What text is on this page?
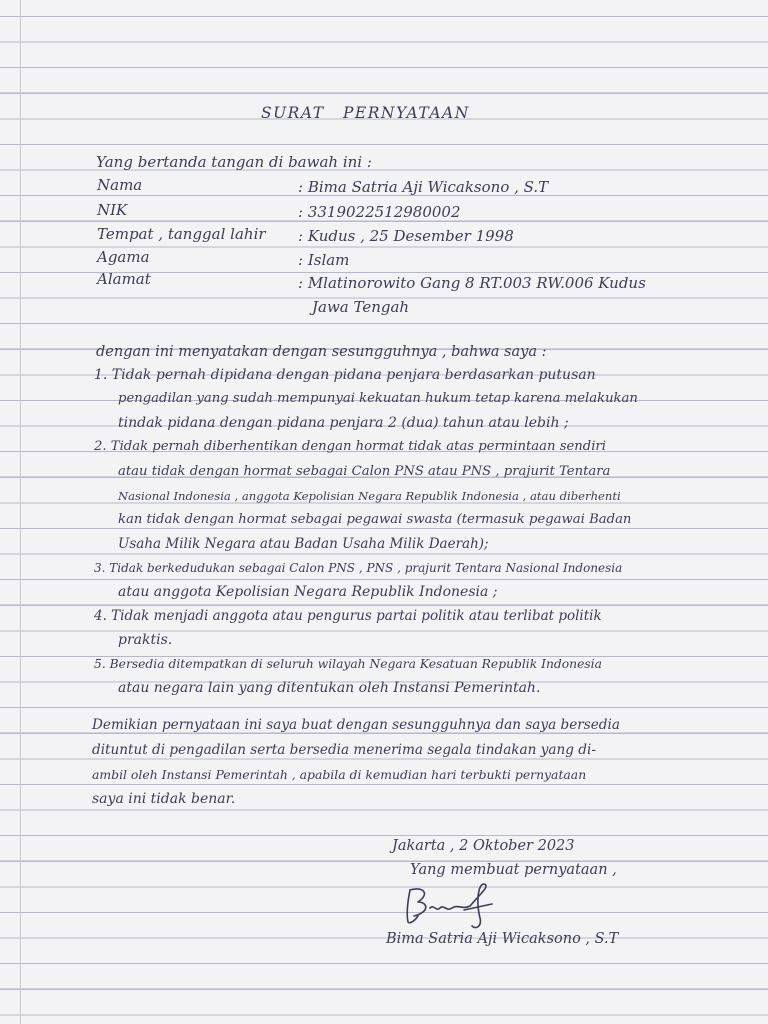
SURAT PERNYATAAN
Yang bertanda tangan di bawah ini :
Nama	: Bima Satria Aji Wicaksono , S.T
NIK	: 3319022512980002
Tempat , tanggal lahir : Kudus , 25 Desember 1998
Agama	: Islam
Alamat	: Mlatinorowito Gang 8 RT.003 RW.006 Kudus
Jawa Tengah
dengan ini menyatakan dengan sesungguhnya , bahwa saya :
1. Tidak pernah dipidana dengan pidana penjara berdasarkan putusan
pengadilan yang sudah mempunyai kekuatan hukum tetap karena melakukan
tindak pidana dengan pidana penjara 2 (dua) tahun atau lebih ;
2. Tidak pernah diberhentikan dengan hormat tidak atas permintaan sendiri
atau tidak dengan hormat sebagai Calon PNS atau PNS , prajurit Tentara
Nasional Indonesia , anggota Kepolisian Negara Republik Indonesia , atau diberhenti
kan tidak dengan hormat sebagai pegawai swasta (termasuk pegawai Badan
Usaha Milik Negara atau Badan Usaha Milik Daerah);
3. Tidak berkedudukan sebagai Calon PNS , PNS , prajurit Tentara Nasional Indonesia
atau anggota Kepolisian Negara Republik Indonesia ;
4. Tidak menjadi anggota atau pengurus partai politik atau terlibat politik
praktis.
5. Bersedia ditempatkan di seluruh wilayah Negara Kesatuan Republik Indonesia
atau negara lain yang ditentukan oleh Instansi Pemerintah.
Demikian pernyataan ini saya buat dengan sesungguhnya dan saya bersedia
dituntut di pengadilan serta bersedia menerima segala tindakan yang di-
ambil oleh Instansi Pemerintah , apabila di kemudian hari terbukti pernyataan
saya ini tidak benar.
Jakarta , 2 Oktober 2023
Yang membuat pernyataan ,
Bima Satria Aji Wicaksono , S.T
